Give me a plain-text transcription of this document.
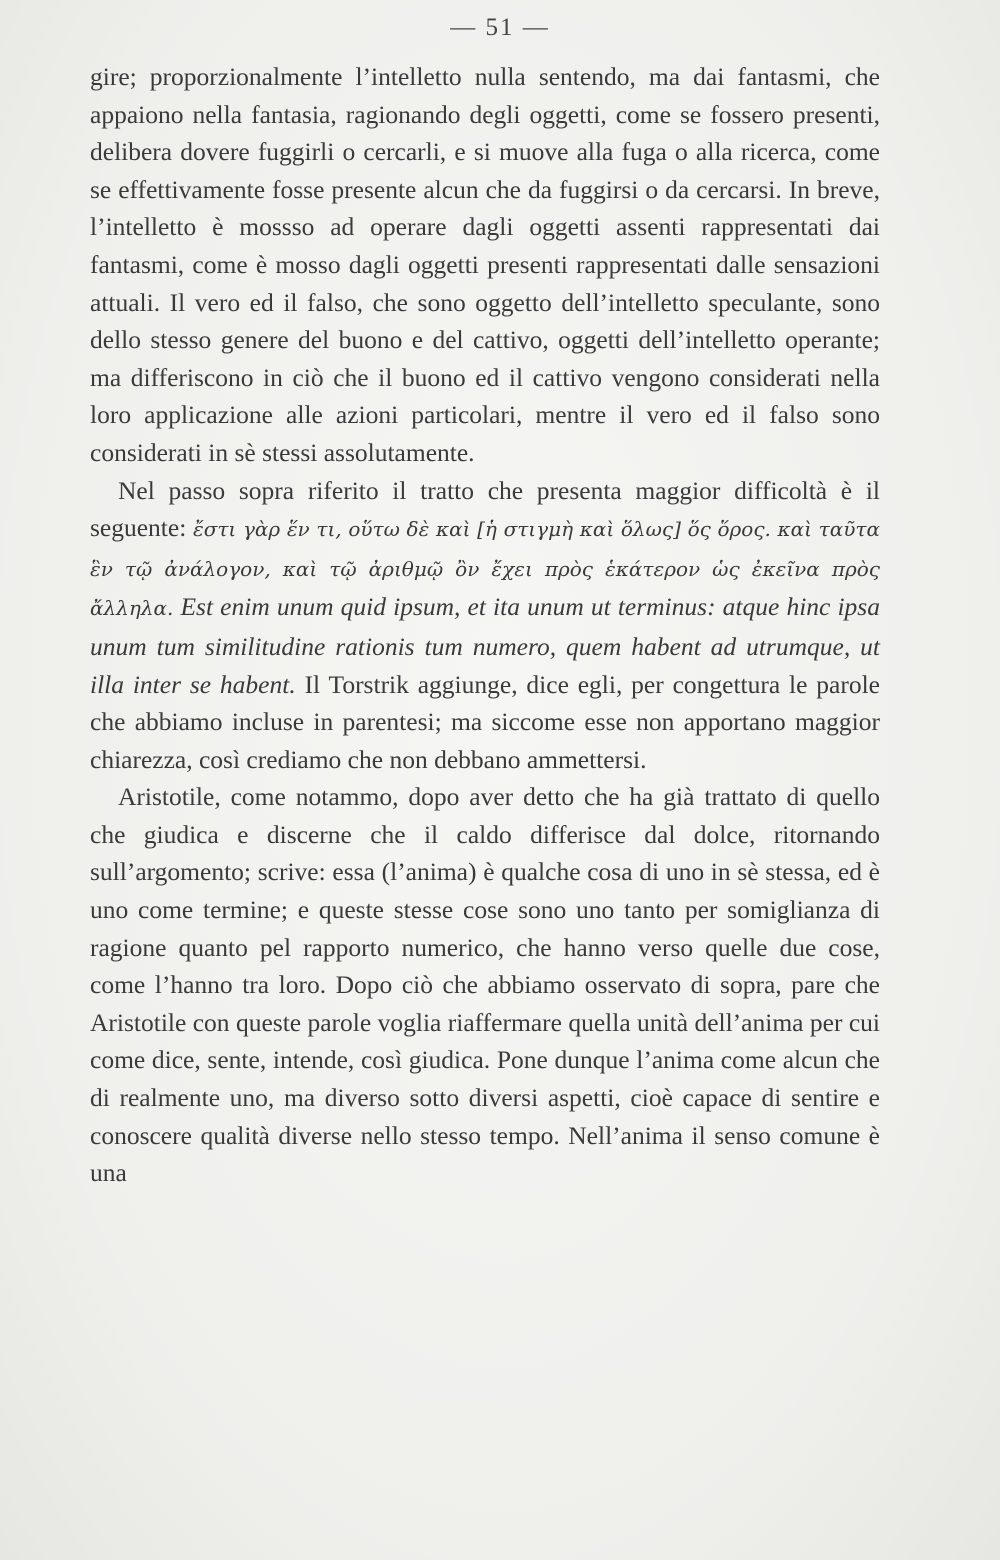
— 51 —

gire; proporzionalmente l’intelletto nulla sentendo, ma dai fantasmi, che appaiono nella fantasia, ragionando degli oggetti, come se fossero presenti, delibera dovere fuggirli o cercarli, e si muove alla fuga o alla ricerca, come se effettivamente fosse presente alcun che da fuggirsi o da cercarsi. In breve, l’intelletto è mossso ad operare dagli oggetti assenti rappresentati dai fantasmi, come è mosso dagli oggetti presenti rappresentati dalle sensazioni attuali. Il vero ed il falso, che sono oggetto dell’intelletto speculante, sono dello stesso genere del buono e del cattivo, oggetti dell’intelletto operante; ma differiscono in ciò che il buono ed il cattivo vengono considerati nella loro applicazione alle azioni particolari, mentre il vero ed il falso sono considerati in sè stessi assolutamente.

Nel passo sopra riferito il tratto che presenta maggior difficoltà è il seguente: ἔστι γὰρ ἕν τι, οὕτω δὲ καὶ [ἡ στιγμὴ καὶ ὅλως] ὅς ὅρος. καὶ ταῦτα ἓν τῷ ἀνάλογον, καὶ τῷ ἀριθμῷ ὂν ἔχει πρὸς ἑκάτερον ὡς ἐκεῖνα πρὸς ἄλληλα. Est enim unum quid ipsum, et ita unum ut terminus: atque hinc ipsa unum tum similitudine rationis tum numero, quem habent ad utrumque, ut illa inter se habent. Il Torstrik aggiunge, dice egli, per congettura le parole che abbiamo incluse in parentesi; ma siccome esse non apportano maggior chiarezza, così crediamo che non debbano ammettersi.

Aristotile, come notammo, dopo aver detto che ha già trattato di quello che giudica e discerne che il caldo differisce dal dolce, ritornando sull’argomento; scrive: essa (l’anima) è qualche cosa di uno in sè stessa, ed è uno come termine; e queste stesse cose sono uno tanto per somiglianza di ragione quanto pel rapporto numerico, che hanno verso quelle due cose, come l’hanno tra loro. Dopo ciò che abbiamo osservato di sopra, pare che Aristotile con queste parole voglia riaffermare quella unità dell’anima per cui come dice, sente, intende, così giudica. Pone dunque l’anima come alcun che di realmente uno, ma diverso sotto diversi aspetti, cioè capace di sentire e conoscere qualità diverse nello stesso tempo. Nell’anima il senso comune è una
